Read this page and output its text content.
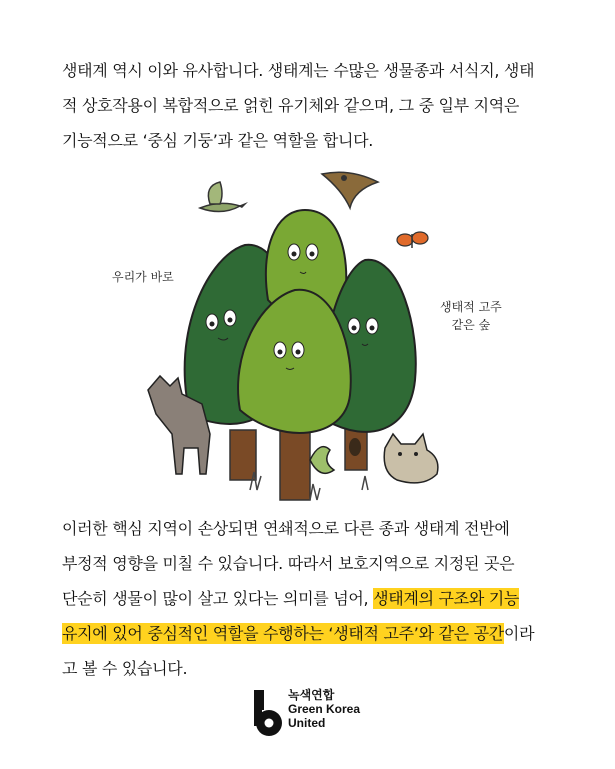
생태계 역시 이와 유사합니다. 생태계는 수많은 생물종과 서식지, 생태

적 상호작용이 복합적으로 얽힌 유기체와 같으며, 그 중 일부 지역은

기능적으로 ‘중심 기둥’과 같은 역할을 합니다.

우리가 바로
생태적 고주
같은 숲

이러한 핵심 지역이 손상되면 연쇄적으로 다른 종과 생태계 전반에

부정적 영향을 미칠 수 있습니다. 따라서 보호지역으로 지정된 곳은

단순히 생물이 많이 살고 있다는 의미를 넘어, 생태계의 구조와 기능

유지에 있어 중심적인 역할을 수행하는 ‘생태적 고주’와 같은 공간이라

고 볼 수 있습니다.

녹색연합
Green Korea
United
